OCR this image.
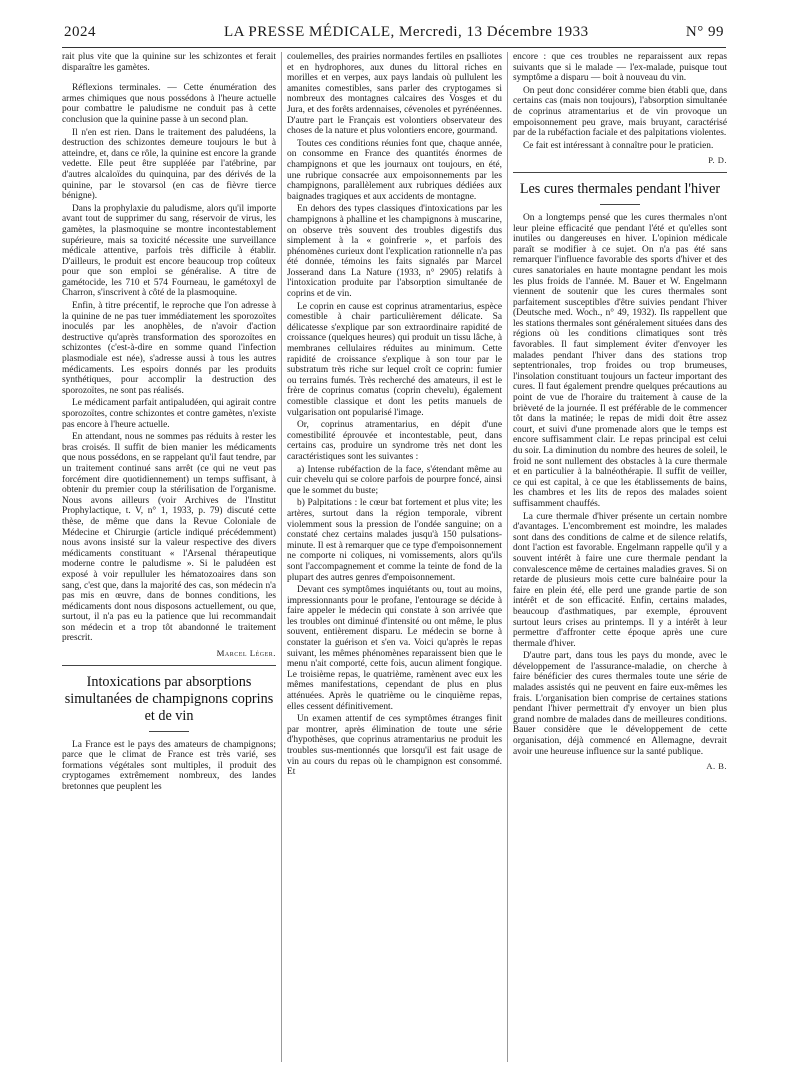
2024	LA PRESSE MÉDICALE, Mercredi, 13 Décembre 1933	N° 99

rait plus vite que la quinine sur les schizontes et ferait disparaître les gamètes.

Réflexions terminales. — Cette énumération des armes chimiques que nous possédons à l'heure actuelle pour combattre le paludisme ne conduit pas à cette conclusion que la quinine passe à un second plan.

Il n'en est rien. Dans le traitement des paludéens, la destruction des schizontes demeure toujours le but à atteindre, et, dans ce rôle, la quinine est encore la grande vedette. Elle peut être suppléée par l'atébrine, par d'autres alcaloïdes du quinquina, par des dérivés de la quinine, par le stovarsol (en cas de fièvre tierce bénigne).

Dans la prophylaxie du paludisme, alors qu'il importe avant tout de supprimer du sang, réservoir de virus, les gamètes, la plasmoquine se montre incontestablement supérieure, mais sa toxicité nécessite une surveillance médicale attentive, parfois très difficile à établir. D'ailleurs, le produit est encore beaucoup trop coûteux pour que son emploi se généralise. A titre de gamétocide, les 710 et 574 Fourneau, le gamétoxyl de Charron, s'inscrivent à côté de la plasmoquine.

Enfin, à titre précentif, le reproche que l'on adresse à la quinine de ne pas tuer immédiatement les sporozoïtes inoculés par les anophèles, de n'avoir d'action destructive qu'après transformation des sporozoïtes en schizontes (c'est-à-dire en somme quand l'infection plasmodiale est née), s'adresse aussi à tous les autres médicaments. Les espoirs donnés par les produits synthétiques, pour accomplir la destruction des sporozoïtes, ne sont pas réalisés.

Le médicament parfait antipaludéen, qui agirait contre sporozoïtes, contre schizontes et contre gamètes, n'existe pas encore à l'heure actuelle.

En attendant, nous ne sommes pas réduits à rester les bras croisés. Il suffit de bien manier les médicaments que nous possédons, en se rappelant qu'il faut tendre, par un traitement continué sans arrêt (ce qui ne veut pas forcément dire quotidiennement) un temps suffisant, à obtenir du premier coup la stérilisation de l'organisme. Nous avons ailleurs (voir Archives de l'Institut Prophylactique, t. V, n° 1, 1933, p. 79) discuté cette thèse, de même que dans la Revue Coloniale de Médecine et Chirurgie (article indiqué précédemment) nous avons insisté sur la valeur respective des divers médicaments constituant « l'Arsenal thérapeutique moderne contre le paludisme ». Si le paludéen est exposé à voir repulluler les hématozoaires dans son sang, c'est que, dans la majorité des cas, son médecin n'a pas mis en œuvre, dans de bonnes conditions, les médicaments dont nous disposons actuellement, ou que, surtout, il n'a pas eu la patience que lui recommandait son médecin et a trop tôt abandonné le traitement prescrit.

Marcel Léger.
Intoxications par absorptions simultanées de champignons coprins et de vin

La France est le pays des amateurs de champignons; parce que le climat de France est très varié, ses formations végétales sont multiples, il produit des cryptogames extrêmement nombreux, des landes bretonnes que peuplent les

coulemelles, des prairies normandes fertiles en psalliotes et en hydrophores, aux dunes du littoral riches en morilles et en verpes, aux pays landais où pullulent les amanites comestibles, sans parler des cryptogames si nombreux des montagnes calcaires des Vosges et du Jura, et des forêts ardennaises, cévenoles et pyrénéennes. D'autre part le Français est volontiers observateur des choses de la nature et plus volontiers encore, gourmand.

Toutes ces conditions réunies font que, chaque année, on consomme en France des quantités énormes de champignons et que les journaux ont toujours, en été, une rubrique consacrée aux empoisonnements par les champignons, parallèlement aux rubriques dédiées aux baignades tragiques et aux accidents de montagne.

En dehors des types classiques d'intoxications par les champignons à phalline et les champignons à muscarine, on observe très souvent des troubles digestifs dus simplement à la « goinfrerie », et parfois des phénomènes curieux dont l'explication rationnelle n'a pas été donnée, témoins les faits signalés par Marcel Josserand dans La Nature (1933, n° 2905) relatifs à l'intoxication produite par l'absorption simultanée de coprins et de vin.

Le coprin en cause est coprinus atramentarius, espèce comestible à chair particulièrement délicate. Sa délicatesse s'explique par son extraordinaire rapidité de croissance (quelques heures) qui produit un tissu lâche, à membranes cellulaires réduites au minimum. Cette rapidité de croissance s'explique à son tour par le substratum très riche sur lequel croît ce coprin: fumier ou terrains fumés. Très recherché des amateurs, il est le frère de coprinus comatus (coprin chevelu), également comestible classique et dont les petits manuels de vulgarisation ont popularisé l'image.

Or, coprinus atramentarius, en dépit d'une comestibilité éprouvée et incontestable, peut, dans certains cas, produire un syndrome très net dont les caractéristiques sont les suivantes :

a) Intense rubéfaction de la face, s'étendant même au cuir chevelu qui se colore parfois de pourpre foncé, ainsi que le sommet du buste;

b) Palpitations : le cœur bat fortement et plus vite; les artères, surtout dans la région temporale, vibrent violemment sous la pression de l'ondée sanguine; on a constaté chez certains malades jusqu'à 150 pulsations-minute. Il est à remarquer que ce type d'empoisonnement ne comporte ni coliques, ni vomissements, alors qu'ils sont l'accompagnement et comme la teinte de fond de la plupart des autres genres d'empoisonnement.

Devant ces symptômes inquiétants ou, tout au moins, impressionnants pour le profane, l'entourage se décide à faire appeler le médecin qui constate à son arrivée que les troubles ont diminué d'intensité ou ont même, le plus souvent, entièrement disparu. Le médecin se borne à constater la guérison et s'en va. Voici qu'après le repas suivant, les mêmes phénomènes reparaissent bien que le menu n'ait comporté, cette fois, aucun aliment fongique. Le troisième repas, le quatrième, ramènent avec eux les mêmes manifestations, cependant de plus en plus atténuées. Après le quatrième ou le cinquième repas, elles cessent définitivement.

Un examen attentif de ces symptômes étranges finit par montrer, après élimination de toute une série d'hypothèses, que coprinus atramentarius ne produit les troubles sus-mentionnés que lorsqu'il est fait usage de vin au cours du repas où le champignon est consommé. Et

encore : que ces troubles ne reparaissent aux repas suivants que si le malade — l'ex-malade, puisque tout symptôme a disparu — boit à nouveau du vin.

On peut donc considérer comme bien établi que, dans certains cas (mais non toujours), l'absorption simultanée de coprinus atramentarius et de vin provoque un empoisonnement peu grave, mais bruyant, caractérisé par de la rubéfaction faciale et des palpitations violentes.

Ce fait est intéressant à connaître pour le praticien.

P. D.
Les cures thermales pendant l'hiver

On a longtemps pensé que les cures thermales n'ont leur pleine efficacité que pendant l'été et qu'elles sont inutiles ou dangereuses en hiver. L'opinion médicale paraît se modifier à ce sujet. On n'a pas été sans remarquer l'influence favorable des sports d'hiver et des cures sanatoriales en haute montagne pendant les mois les plus froids de l'année. M. Bauer et W. Engelmann viennent de soutenir que les cures thermales sont parfaitement susceptibles d'être suivies pendant l'hiver (Deutsche med. Woch., n° 49, 1932). Ils rappellent que les stations thermales sont généralement situées dans des régions où les conditions climatiques sont très favorables. Il faut simplement éviter d'envoyer les malades pendant l'hiver dans des stations trop septentrionales, trop froides ou trop brumeuses, l'insolation constituant toujours un facteur important des cures. Il faut également prendre quelques précautions au point de vue de l'horaire du traitement à cause de la brièveté de la journée. Il est préférable de le commencer tôt dans la matinée; le repas de midi doit être assez court, et suivi d'une promenade alors que le temps est encore suffisamment clair. Le repas principal est celui du soir. La diminution du nombre des heures de soleil, le froid ne sont nullement des obstacles à la cure thermale et en particulier à la balnéothérapie. Il suffit de veiller, ce qui est capital, à ce que les établissements de bains, les chambres et les lits de repos des malades soient suffisamment chauffés.

La cure thermale d'hiver présente un certain nombre d'avantages. L'encombrement est moindre, les malades sont dans des conditions de calme et de silence relatifs, dont l'action est favorable. Engelmann rappelle qu'il y a souvent intérêt à faire une cure thermale pendant la convalescence même de certaines maladies graves. Si on retarde de plusieurs mois cette cure balnéaire pour la faire en plein été, elle perd une grande partie de son intérêt et de son efficacité. Enfin, certains malades, beaucoup d'asthmatiques, par exemple, éprouvent surtout leurs crises au printemps. Il y a intérêt à leur permettre d'affronter cette époque après une cure thermale d'hiver.

D'autre part, dans tous les pays du monde, avec le développement de l'assurance-maladie, on cherche à faire bénéficier des cures thermales toute une série de malades assistés qui ne peuvent en faire eux-mêmes les frais. L'organisation bien comprise de certaines stations pendant l'hiver permettrait d'y envoyer un bien plus grand nombre de malades dans de meilleures conditions. Bauer considère que le développement de cette organisation, déjà commencé en Allemagne, devrait avoir une heureuse influence sur la santé publique.

A. B.
